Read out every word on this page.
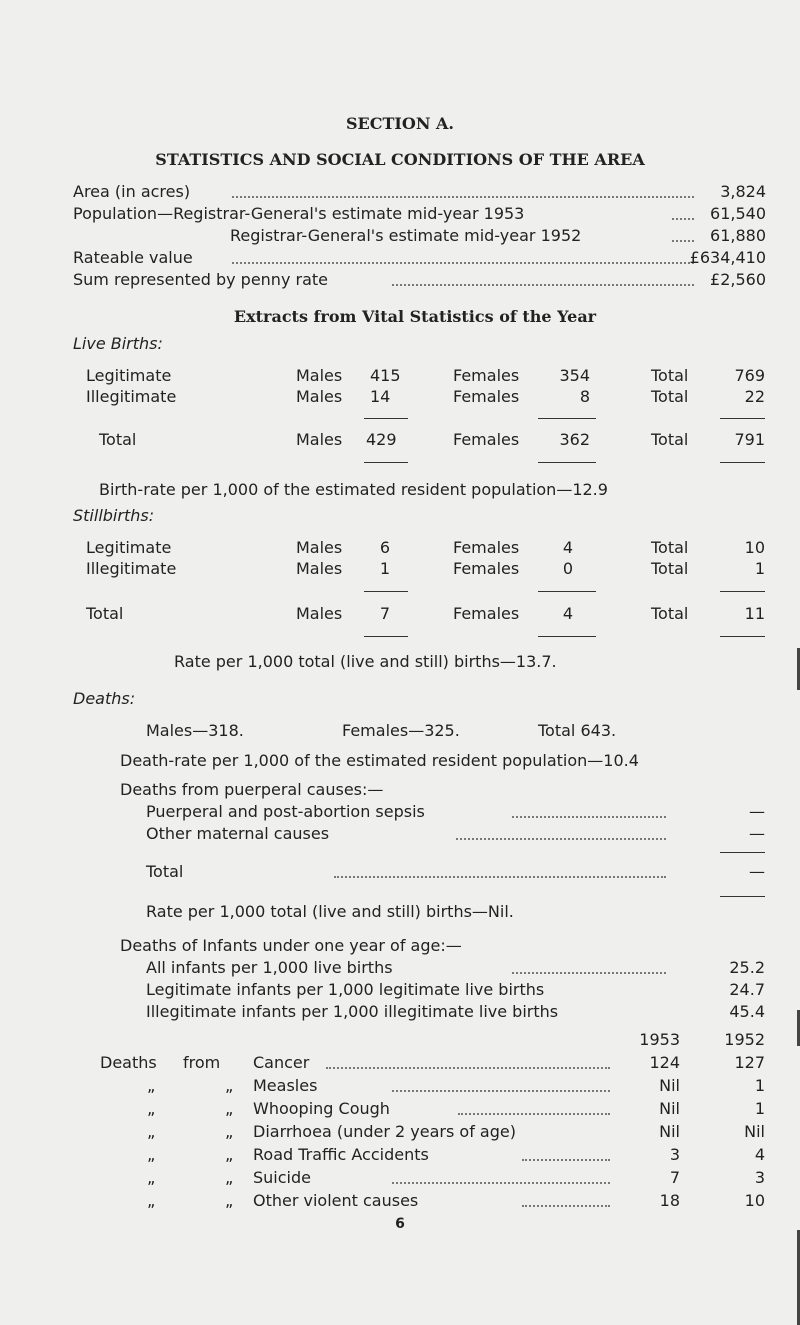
SECTION A.
STATISTICS AND SOCIAL CONDITIONS OF THE AREA
Area (in acres)	3,824
Population—Registrar-General's estimate mid-year 1953	61,540
Registrar-General's estimate mid-year 1952	61,880
Rateable value	£634,410
Sum represented by penny rate	£2,560
Extracts from Vital Statistics of the Year
Live Births:
Legitimate	Males 415	Females	354	Total	769
Illegitimate	Males 14	Females	8	Total	22
Total	Males 429	Females	362	Total	791
Birth-rate per 1,000 of the estimated resident population—12.9
Stillbirths:
Legitimate	Males	6	Females	4	Total	10
Illegitimate	Males	1	Females	0	Total	1
Total	Males	7	Females	4	Total	11
Rate per 1,000 total (live and still) births—13.7.
Deaths:
Males—318.	Females—325.	Total 643.
Death-rate per 1,000 of the estimated resident population—10.4
Deaths from puerperal causes:—
Puerperal and post-abortion sepsis	—
Other maternal causes	—
Total	—
Rate per 1,000 total (live and still) births—Nil.
Deaths of Infants under one year of age:—
All infants per 1,000 live births	25.2
Legitimate infants per 1,000 legitimate live births	24.7
Illegitimate infants per 1,000 illegitimate live births	45.4
1953	1952
Deaths from Cancer	124	127
„	„ Measles	Nil	1
„	„ Whooping Cough	Nil	1
„	„ Diarrhoea (under 2 years of age)	Nil	Nil
„	„ Road Traffic Accidents	3	4
„	„ Suicide	7	3
„	„ Other violent causes	18	10
6
